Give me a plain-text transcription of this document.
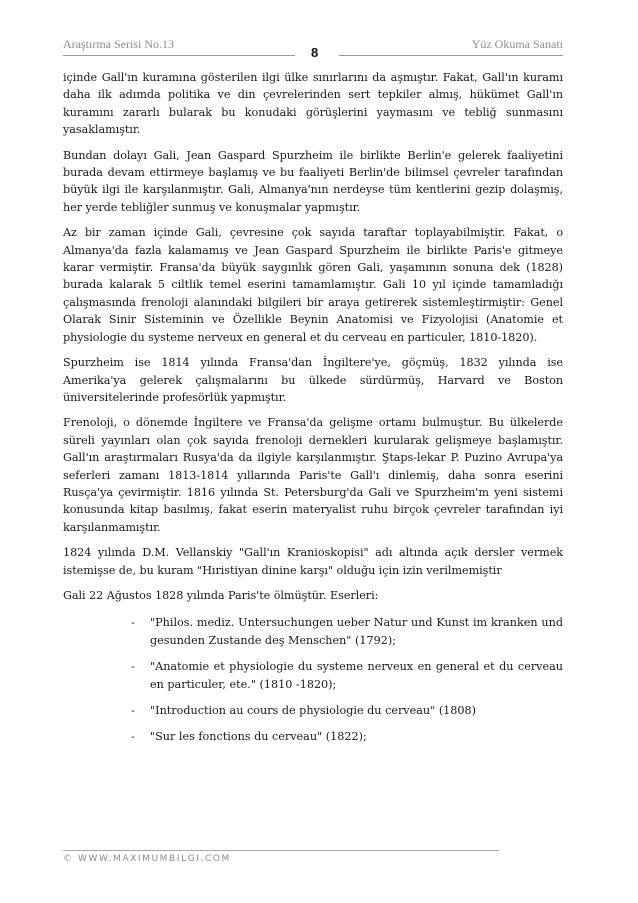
Araştırma Serisi No.13
8
Yüz Okuma Sanatı

içinde Gall'ın kuramına gösterilen ilgi ülke sınırlarını da aşmıştır. Fakat, Gall'ın kuramı daha ilk adımda politika ve din çevrelerinden sert tepkiler almış, hükümet Gall'ın kuramını zararlı bularak bu konudaki görüşlerini yaymasını ve tebliğ sunmasını yasaklamıştır.

Bundan dolayı Gali, Jean Gaspard Spurzheim ile birlikte Berlin'e gelerek faaliyetini burada devam ettirmeye başlamış ve bu faaliyeti Berlin'de bilimsel çevreler tarafından büyük ilgi ile karşılanmıştır. Gali, Almanya'nın nerdeyse tüm kentlerini gezip dolaşmış, her yerde tebliğler sunmuş ve konuşmalar yapmıştır.

Az bir zaman içinde Gali, çevresine çok sayıda taraftar toplayabilmiştir. Fakat, o Almanya'da fazla kalamamış ve Jean Gaspard Spurzheim ile birlikte Paris'e gitmeye karar vermiştir. Fransa'da büyük saygınlık gören Gali, yaşamının sonuna dek (1828) burada kalarak 5 ciltlik temel eserini tamamlamıştır. Gali 10 yıl içinde tamamladığı çalışmasında frenoloji alanındaki bilgileri bir araya getirerek sistemleştirmiştir: Genel Olarak Sinir Sisteminin ve Özellikle Beynin Anatomisi ve Fizyolojisi (Anatomie et physiologie du systeme nerveux en general et du cerveau en particuler, 1810-1820).

Spurzheim ise 1814 yılında Fransa'dan İngiltere'ye, göçmüş, 1832 yılında ise Amerika'ya gelerek çalışmalarını bu ülkede sürdürmüş, Harvard ve Boston üniversitelerinde profesörlük yapmıştır.

Frenoloji, o dönemde İngiltere ve Fransa'da gelişme ortamı bulmuştur. Bu ülkelerde süreli yayınları olan çok sayıda frenoloji dernekleri kurularak gelişmeye başlamıştır. Gall'ın araştırmaları Rusya'da da ilgiyle karşılanmıştır. Ştaps-lekar P. Puzino Avrupa'ya seferleri zamanı 1813-1814 yıllarında Paris'te Gall'ı dinlemiş, daha sonra eserini Rusça'ya çevirmiştir. 1816 yılında St. Petersburg'da Gali ve Spurzheim'm yeni sistemi konusunda kitap basılmış, fakat eserin materyalist ruhu birçok çevreler tarafından iyi karşılanmamıştır.

1824 yılında D.M. Vellanskiy "Gall'ın Kranioskopisi" adı altında açık dersler vermek istemişse de, bu kuram "Hıristiyan dinine karşı" olduğu için izin verilmemiştir

Gali 22 Ağustos 1828 yılında Paris'te ölmüştür. Eserleri:

- "Philos. mediz. Untersuchungen ueber Natur und Kunst im kranken und gesunden Zustande deş Menschen" (1792);
- "Anatomie et physiologie du systeme nerveux en general et du cerveau en particuler, ete." (1810 -1820);
- "Introduction au cours de physiologie du cerveau" (1808)
- "Sur les fonctions du cerveau" (1822);
© WWW.MAXIMUMBILGI.COM
